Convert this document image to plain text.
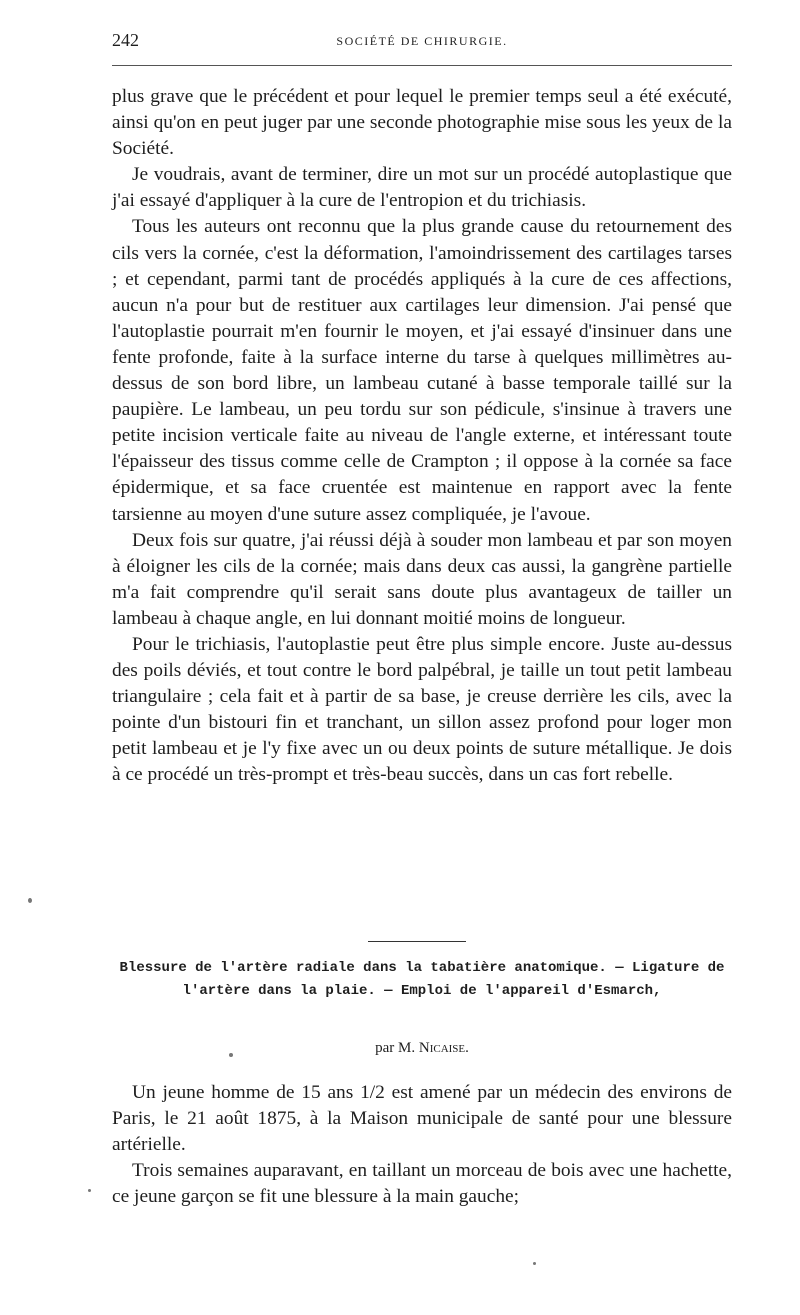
242	SOCIÉTÉ DE CHIRURGIE.

plus grave que le précédent et pour lequel le premier temps seul a été exécuté, ainsi qu'on en peut juger par une seconde photographie mise sous les yeux de la Société.

Je voudrais, avant de terminer, dire un mot sur un procédé autoplastique que j'ai essayé d'appliquer à la cure de l'entropion et du trichiasis.

Tous les auteurs ont reconnu que la plus grande cause du retournement des cils vers la cornée, c'est la déformation, l'amoindrissement des cartilages tarses ; et cependant, parmi tant de procédés appliqués à la cure de ces affections, aucun n'a pour but de restituer aux cartilages leur dimension. J'ai pensé que l'autoplastie pourrait m'en fournir le moyen, et j'ai essayé d'insinuer dans une fente profonde, faite à la surface interne du tarse à quelques millimètres au-dessus de son bord libre, un lambeau cutané à basse temporale taillé sur la paupière. Le lambeau, un peu tordu sur son pédicule, s'insinue à travers une petite incision verticale faite au niveau de l'angle externe, et intéressant toute l'épaisseur des tissus comme celle de Crampton ; il oppose à la cornée sa face épidermique, et sa face cruentée est maintenue en rapport avec la fente tarsienne au moyen d'une suture assez compliquée, je l'avoue.

Deux fois sur quatre, j'ai réussi déjà à souder mon lambeau et par son moyen à éloigner les cils de la cornée; mais dans deux cas aussi, la gangrène partielle m'a fait comprendre qu'il serait sans doute plus avantageux de tailler un lambeau à chaque angle, en lui donnant moitié moins de longueur.

Pour le trichiasis, l'autoplastie peut être plus simple encore. Juste au-dessus des poils déviés, et tout contre le bord palpébral, je taille un tout petit lambeau triangulaire ; cela fait et à partir de sa base, je creuse derrière les cils, avec la pointe d'un bistouri fin et tranchant, un sillon assez profond pour loger mon petit lambeau et je l'y fixe avec un ou deux points de suture métallique. Je dois à ce procédé un très-prompt et très-beau succès, dans un cas fort rebelle.

Blessure de l'artère radiale dans la tabatière anatomique. — Ligature de l'artère dans la plaie. — Emploi de l'appareil d'Esmarch,
par M. Nicaise.

Un jeune homme de 15 ans 1/2 est amené par un médecin des environs de Paris, le 21 août 1875, à la Maison municipale de santé pour une blessure artérielle.

Trois semaines auparavant, en taillant un morceau de bois avec une hachette, ce jeune garçon se fit une blessure à la main gauche;
